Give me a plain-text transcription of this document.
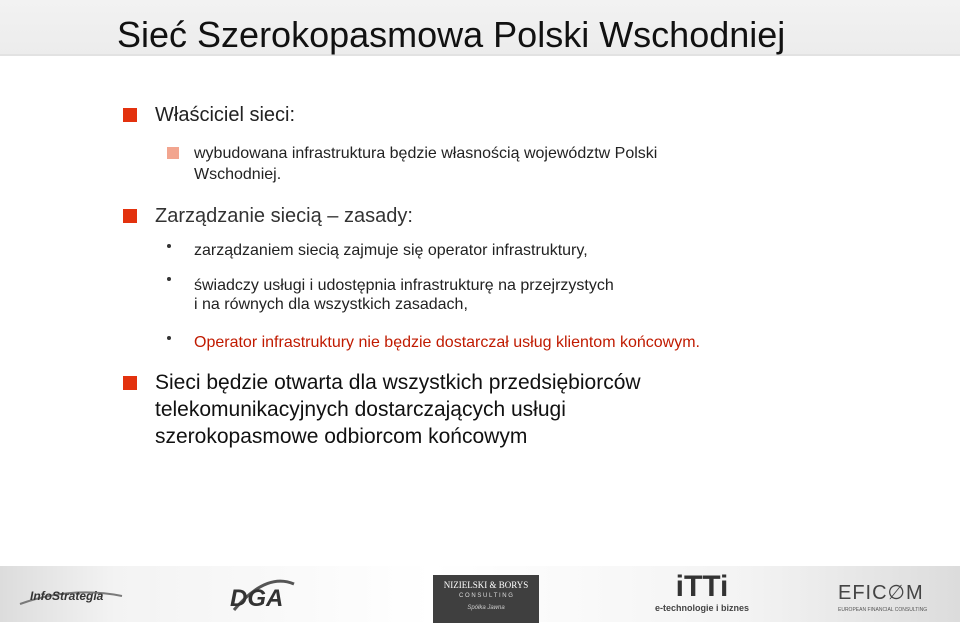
Sieć Szerokopasmowa Polski Wschodniej
Właściciel sieci:
wybudowana infrastruktura będzie własnością województw Polski
Wschodniej.
Zarządzanie siecią – zasady:
zarządzaniem siecią zajmuje się operator infrastruktury,
świadczy usługi i udostępnia infrastrukturę na przejrzystych
i na równych dla wszystkich zasadach,
Operator infrastruktury nie będzie dostarczał usług klientom końcowym.
Sieci będzie otwarta dla wszystkich przedsiębiorców
telekomunikacyjnych dostarczających usługi
szerokopasmowe odbiorcom końcowym
InfoStrategia	DGA	NIZIELSKI & BORYS
C O N S U L T I N G
Spółka Jawna
iTTi
e-technologie i biznes
EFIC∅M
EUROPEAN FINANCIAL CONSULTING
